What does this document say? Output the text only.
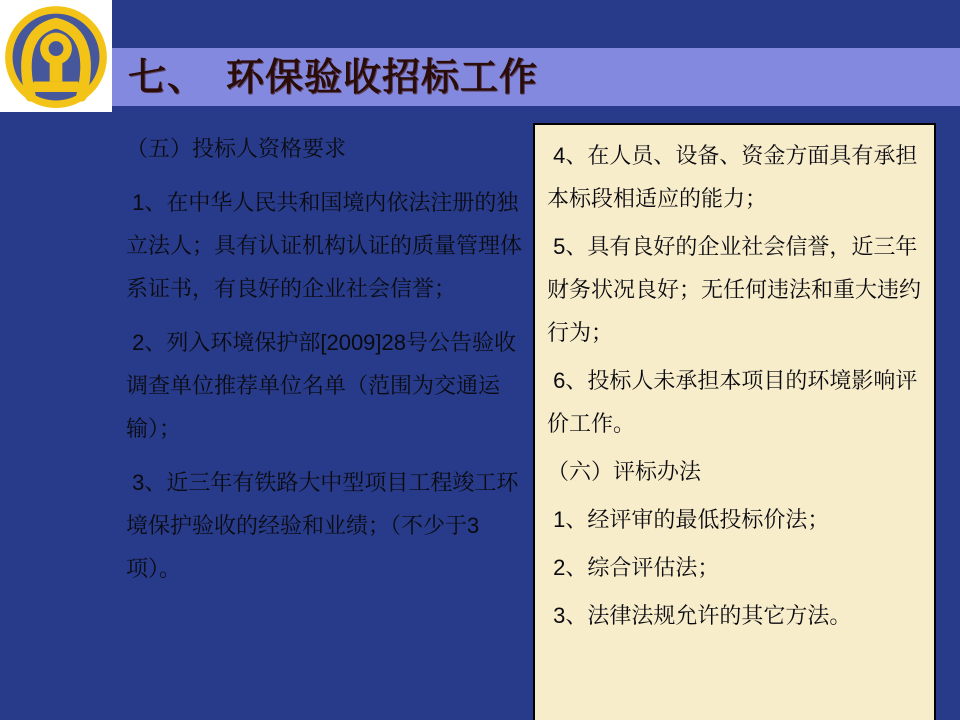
七、　环保验收招标工作

（五）投标人资格要求

1、在中华人民共和国境内依法注册的独立法人；具有认证机构认证的质量管理体系证书，有良好的企业社会信誉；

2、列入环境保护部[2009]28号公告验收调查单位推荐单位名单（范围为交通运输）；

3、近三年有铁路大中型项目工程竣工环境保护验收的经验和业绩；（不少于3项）。

4、在人员、设备、资金方面具有承担本标段相适应的能力；

5、具有良好的企业社会信誉，近三年财务状况良好；无任何违法和重大违约行为；

6、投标人未承担本项目的环境影响评价工作。

（六）评标办法

1、经评审的最低投标价法；

2、综合评估法；

3、法律法规允许的其它方法。
